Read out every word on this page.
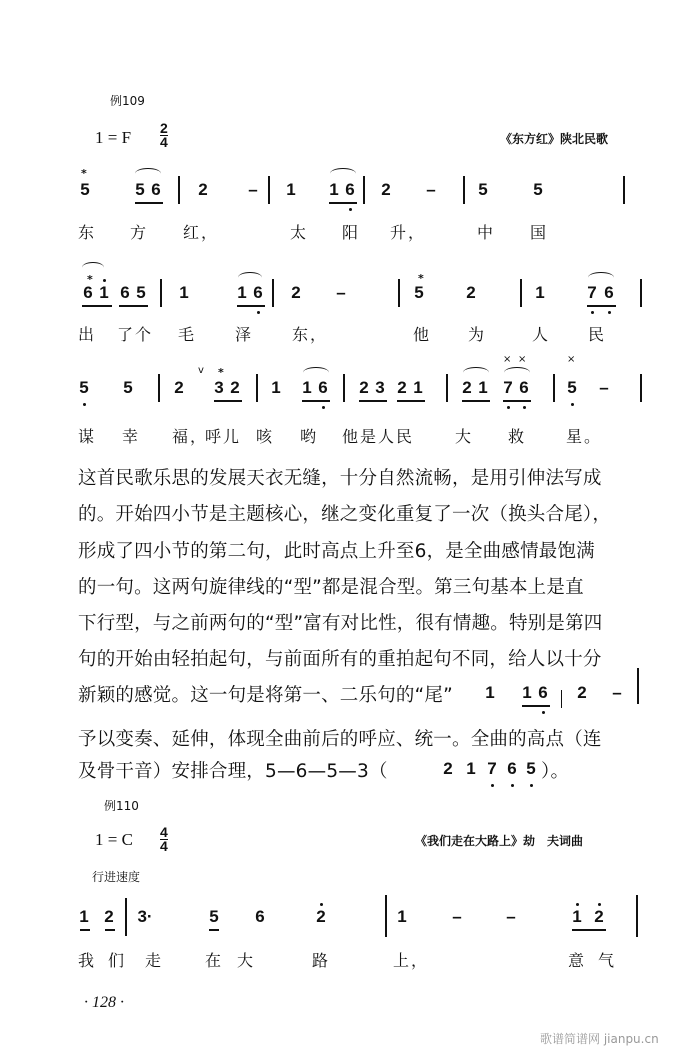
例109
1 = F $\frac{2}{4}$	《东方红》陕北民歌
*
5	5 6 2 – 1 1 6 2 –	5	5
东 方 红，	太 阳 升，	中 国
*
6 1 6 5 1	1 6 2 –
*
5	2	1	7 6
出 了个 毛 泽 东，	他 为	人 民
5 5 2
v *
3 2 1 1 6 2 3 2 1 2 1
× ×
7 6
×
5 –
谋 幸 福，
呼儿 咳 哟 他是人民	大 救 星。
这首民歌乐思的发展天衣无缝，十分自然流畅，是用引伸法写成
的。开始四小节是主题核心，继之变化重复了一次（换头合尾），
形成了四小节的第二句，此时高点上升至6，是全曲感情最饱满
的一句。这两句旋律线的“型”都是混合型。第三句基本上是直
下行型，与之前两句的“型”富有对比性，很有情趣。特别是第四
句的开始由轻拍起句，与前面所有的重拍起句不同，给人以十分
新颖的感觉。这一句是将第一、二乐句的“尾” 1 1 6 2 –
予以变奏、延伸，体现全曲前后的呼应、统一。全曲的高点（连
及骨干音）安排合理，5—6—5—3（	2 1 7 6 5 ）。
例110
1 = C $\frac{4}{4}$	《我们走在大路上》劫　夫词曲
行进速度
1 2 3·	5 6	2	1	–	–	1 2
我 们 走	在 大	路	上，	意 气
· 128 ·
歌谱简谱网 jianpu.cn
